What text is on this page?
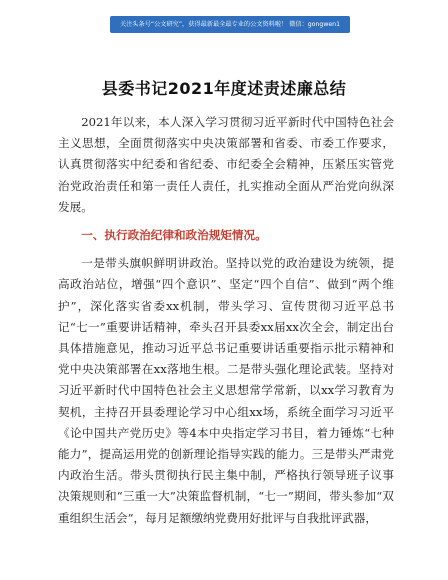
关注头条号“公文研究”，获得最新最全最专业的公文资料啦！ 微信：gongwen1
县委书记2021年度述责述廉总结

2021年以来，本人深入学习贯彻习近平新时代中国特色社会主义思想，全面贯彻落实中央决策部署和省委、市委工作要求，认真贯彻落实中纪委和省纪委、市纪委全会精神，压紧压实管党治党政治责任和第一责任人责任，扎实推动全面从严治党向纵深发展。

一、执行政治纪律和政治规矩情况。

一是带头旗帜鲜明讲政治。坚持以党的政治建设为统领，提高政治站位，增强“四个意识”、坚定“四个自信”、做到“两个维护”，深化落实省委xx机制，带头学习、宣传贯彻习近平总书记“七一”重要讲话精神，牵头召开县委xx届xx次全会，制定出台具体措施意见，推动习近平总书记重要讲话重要指示批示精神和党中央决策部署在xx落地生根。二是带头强化理论武装。坚持对习近平新时代中国特色社会主义思想常学常新，以xx学习教育为契机，主持召开县委理论学习中心组xx场，系统全面学习习近平《论中国共产党历史》等4本中央指定学习书目，着力锤炼“七种能力”，提高运用党的创新理论指导实践的能力。三是带头严肃党内政治生活。带头贯彻执行民主集中制，严格执行领导班子议事决策规则和“三重一大”决策监督机制，“七一”期间，带头参加“双重组织生活会”，每月足额缴纳党费用好批评与自我批评武器，
